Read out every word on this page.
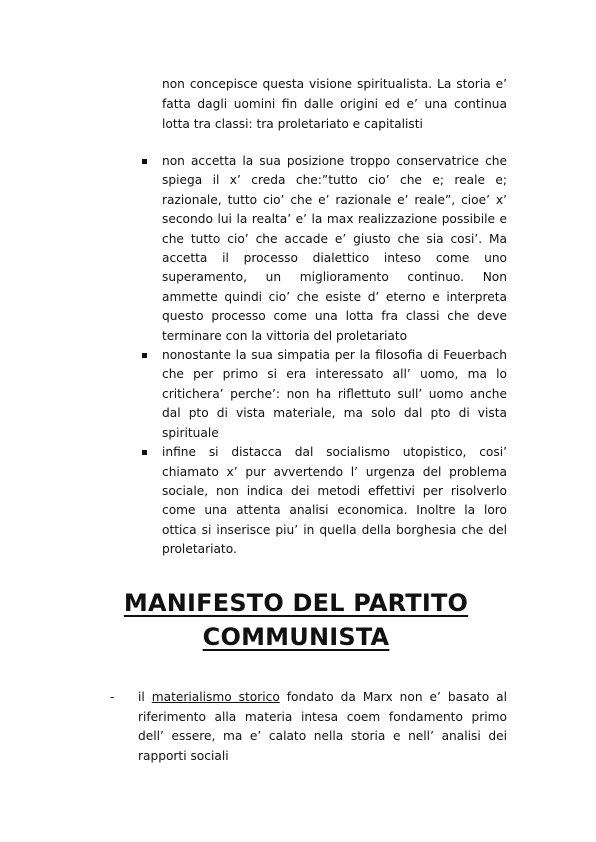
non concepisce questa visione spiritualista. La storia e’ fatta dagli uomini fin dalle origini ed e’ una continua lotta tra classi: tra proletariato e capitalisti

non accetta la sua posizione troppo conservatrice che spiega il x’ creda che:”tutto cio’ che e; reale e; razionale, tutto cio’ che e’ razionale e’ reale”, cioe’ x’ secondo lui la realta’ e’ la max realizzazione possibile e che tutto cio’ che accade e’ giusto che sia cosi’. Ma accetta il processo dialettico inteso come uno superamento, un miglioramento continuo. Non ammette quindi cio’ che esiste d’ eterno e interpreta questo processo come una lotta fra classi che deve terminare con la vittoria del proletariato
nonostante la sua simpatia per la filosofia di Feuerbach che per primo si era interessato all’ uomo, ma lo critichera’ perche’: non ha riflettuto sull’ uomo anche dal pto di vista materiale, ma solo dal pto di vista spirituale
infine si distacca dal socialismo utopistico, cosi’ chiamato x’ pur avvertendo l’ urgenza del problema sociale, non indica dei metodi effettivi per risolverlo come una attenta analisi economica. Inoltre la loro ottica si inserisce piu’ in quella della borghesia che del proletariato.
MANIFESTO DEL PARTITO
COMMUNISTA
- il materialismo storico fondato da Marx non e’ basato al riferimento alla materia intesa coem fondamento primo dell’ essere, ma e’ calato nella storia e nell’ analisi dei rapporti sociali
